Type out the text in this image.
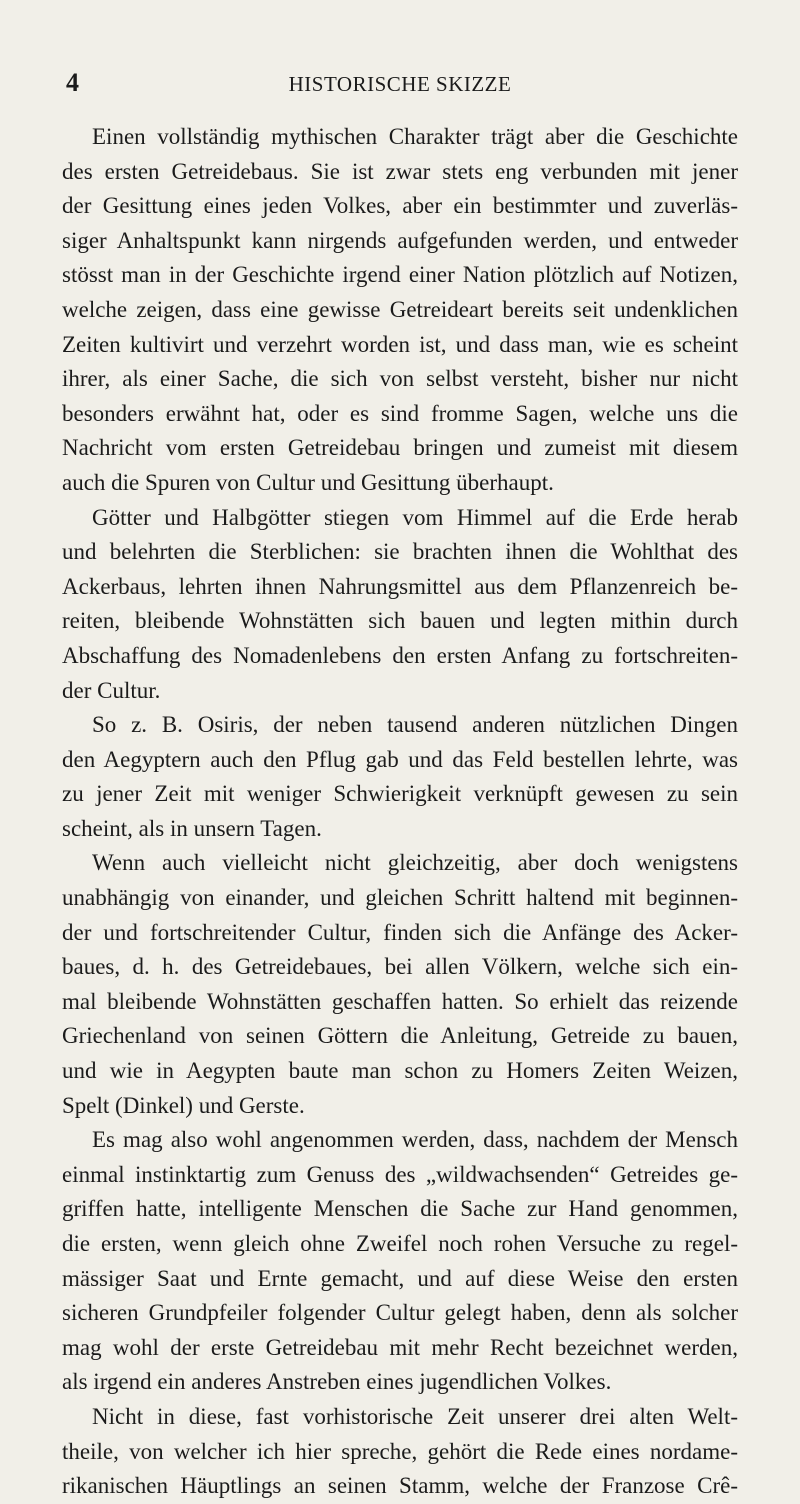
4	HISTORISCHE SKIZZE
Einen vollständig mythischen Charakter trägt aber die Geschichte
des ersten Getreidebaus. Sie ist zwar stets eng verbunden mit jener
der Gesittung eines jeden Volkes, aber ein bestimmter und zuverläs-
siger Anhaltspunkt kann nirgends aufgefunden werden, und entweder
stösst man in der Geschichte irgend einer Nation plötzlich auf Notizen,
welche zeigen, dass eine gewisse Getreideart bereits seit undenklichen
Zeiten kultivirt und verzehrt worden ist, und dass man, wie es scheint
ihrer, als einer Sache, die sich von selbst versteht, bisher nur nicht
besonders erwähnt hat, oder es sind fromme Sagen, welche uns die
Nachricht vom ersten Getreidebau bringen und zumeist mit diesem
auch die Spuren von Cultur und Gesittung überhaupt.
Götter und Halbgötter stiegen vom Himmel auf die Erde herab
und belehrten die Sterblichen: sie brachten ihnen die Wohlthat des
Ackerbaus, lehrten ihnen Nahrungsmittel aus dem Pflanzenreich be-
reiten, bleibende Wohnstätten sich bauen und legten mithin durch
Abschaffung des Nomadenlebens den ersten Anfang zu fortschreiten-
der Cultur.
So z. B. Osiris, der neben tausend anderen nützlichen Dingen
den Aegyptern auch den Pflug gab und das Feld bestellen lehrte, was
zu jener Zeit mit weniger Schwierigkeit verknüpft gewesen zu sein
scheint, als in unsern Tagen.
Wenn auch vielleicht nicht gleichzeitig, aber doch wenigstens
unabhängig von einander, und gleichen Schritt haltend mit beginnen-
der und fortschreitender Cultur, finden sich die Anfänge des Acker-
baues, d. h. des Getreidebaues, bei allen Völkern, welche sich ein-
mal bleibende Wohnstätten geschaffen hatten. So erhielt das reizende
Griechenland von seinen Göttern die Anleitung, Getreide zu bauen,
und wie in Aegypten baute man schon zu Homers Zeiten Weizen,
Spelt (Dinkel) und Gerste.
Es mag also wohl angenommen werden, dass, nachdem der Mensch
einmal instinktartig zum Genuss des „wildwachsenden“ Getreides ge-
griffen hatte, intelligente Menschen die Sache zur Hand genommen,
die ersten, wenn gleich ohne Zweifel noch rohen Versuche zu regel-
mässiger Saat und Ernte gemacht, und auf diese Weise den ersten
sicheren Grundpfeiler folgender Cultur gelegt haben, denn als solcher
mag wohl der erste Getreidebau mit mehr Recht bezeichnet werden,
als irgend ein anderes Anstreben eines jugendlichen Volkes.
Nicht in diese, fast vorhistorische Zeit unserer drei alten Welt-
theile, von welcher ich hier spreche, gehört die Rede eines nordame-
rikanischen Häuptlings an seinen Stamm, welche der Franzose Crê-
